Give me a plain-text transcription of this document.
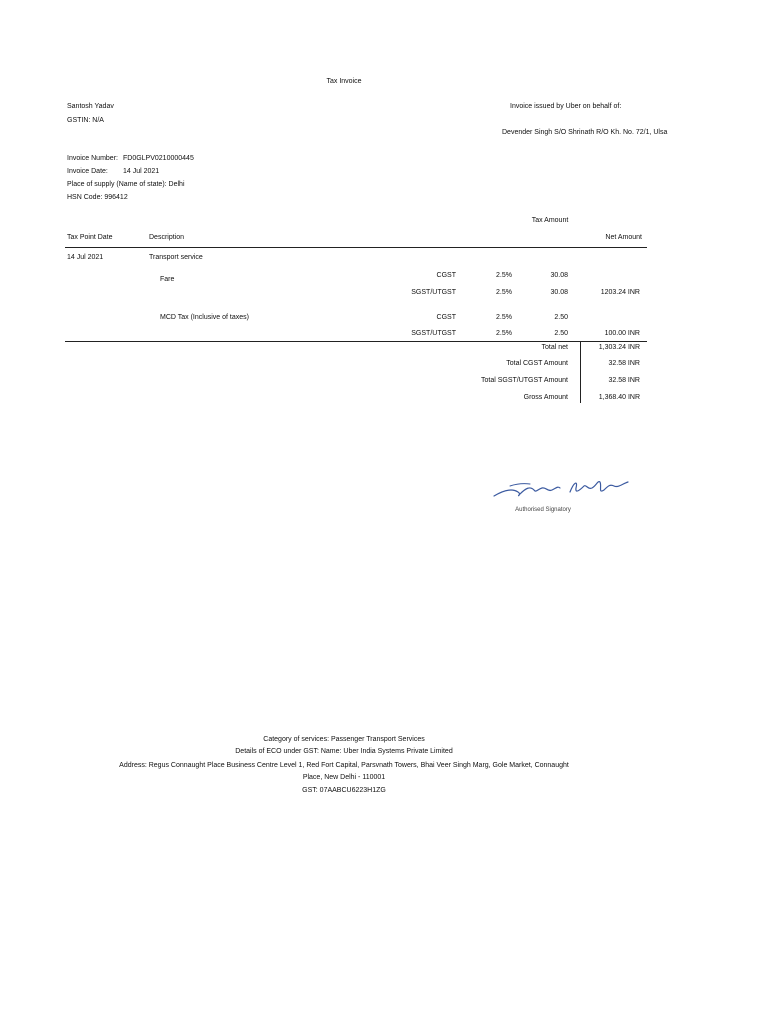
Tax Invoice
Santosh Yadav
GSTIN: N/A
Invoice issued by Uber on behalf of:
Devender Singh S/O Shrinath R/O Kh. No. 72/1, Ulsa
Invoice Number: FD0GLPV0210000445
Invoice Date: 14 Jul 2021
Place of supply (Name of state): Delhi
HSN Code: 996412
Tax Amount
Tax Point Date	Description	Net Amount
14 Jul 2021	Transport service
Fare
CGST	2.5%	30.08
SGST/UTGST	2.5%	30.08	1203.24 INR
MCD Tax (Inclusive of taxes)	CGST	2.5%	2.50
SGST/UTGST	2.5%	2.50	100.00 INR
Total net	1,303.24 INR
Total CGST Amount	32.58 INR
Total SGST/UTGST Amount	32.58 INR
Gross Amount	1,368.40 INR
Authorised Signatory
Category of services: Passenger Transport Services
Details of ECO under GST: Name: Uber India Systems Private Limited
Address: Regus Connaught Place Business Centre Level 1, Red Fort Capital, Parsvnath Towers, Bhai Veer Singh Marg, Gole Market, Connaught
Place, New Delhi - 110001
GST: 07AABCU6223H1ZG
